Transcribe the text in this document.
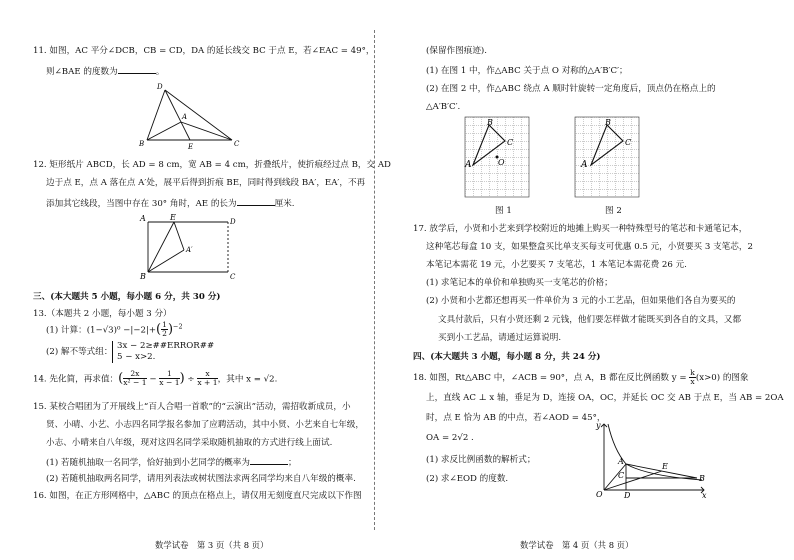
11. 如图，AC 平分∠DCB，CB = CD，DA 的延长线交 BC 于点 E，若∠EAC = 49°，
则∠BAE 的度数为	。
D
A
B	E	C
12. 矩形纸片 ABCD，长 AD = 8 cm，宽 AB = 4 cm，折叠纸片，使折痕经过点 B，交 AD
边于点 E，点 A 落在点 A′处，展平后得到折痕 BE，同时得到线段 BA′，EA′，不再
添加其它线段，当图中存在 30° 角时，AE 的长为	厘米.
A	E	D
A′
B	C
三、(本大题共 5 小题，每小题 6 分，共 30 分)
13.（本题共 2 小题，每小题 3 分）
(1) 计算：$(1-√3)^0 -|-2|+( \frac{1}{2} )^{-2}$
(2) 解不等式组：
3x − 2≥##ERROR##
5 − x>2.
14. 先化简，再求值：( $\frac{2x}{\text{x² − 1}} - \frac{1}{x - 1}$ ) ÷ $\frac{x}{x + 1}$ ，其中 x = √2.
15. 某校合唱团为了开展线上“百人合唱一首歌”的“云演出”活动，需招收新成员，小
贤、小晴、小艺、小志四名同学报名参加了应聘活动，其中小贤、小艺来自七年级，
小志、小晴来自八年级，现对这四名同学采取随机抽取的方式进行线上面试.
(1) 若随机抽取一名同学，恰好抽到小艺同学的概率为	；
(2) 若随机抽取两名同学，请用列表法或树状图法求两名同学均来自八年级的概率.
16. 如图，在正方形网格中，△ABC 的顶点在格点上，请仅用无刻度直尺完成以下作图
数学试卷　第 3 页（共 8 页）
(保留作图痕迹).
(1) 在图 1 中，作△ABC 关于点 O 对称的△A′B′C′；
(2) 在图 2 中，作△ABC 绕点 A 顺时针旋转一定角度后，顶点仍在格点上的
△A′B′C′.
B
C
A	O
B
C
A
图 1	图 2
17. 放学后，小贤和小艺来到学校附近的地摊上购买一种特殊型号的笔芯和卡通笔记本，
这种笔芯每盒 10 支，如果整盒买比单支买每支可优惠 0.5 元，小贤要买 3 支笔芯，2
本笔记本需花 19 元，小艺要买 7 支笔芯，1 本笔记本需花费 26 元.
(1) 求笔记本的单价和单独购买一支笔芯的价格；
(2) 小贤和小艺都还想再买一件单价为 3 元的小工艺品，但如果他们各自为要买的
文具付款后，只有小贤还剩 2 元钱，他们要怎样做才能既买到各自的文具，又都
买到小工艺品，请通过运算说明.
四、(本大题共 3 小题，每小题 8 分，共 24 分)
18. 如图，Rt△ABC 中，∠ACB = 90°，点 A，B 都在反比例函数 $y = \frac{k}{x} (x>0)$ 的图象
上，直线 AC ⊥ x 轴，垂足为 D，连接 OA，OC，并延长 OC 交 AB 于点 E，当 AB = 2OA
时，点 E 恰为 AB 的中点，若∠AOD = 45°，
OA = 2√2 .
(1) 求反比例函数的解析式；
(2) 求∠EOD 的度数.
y
A
E
C	B
O	D	x
数学试卷　第 4 页（共 8 页）
